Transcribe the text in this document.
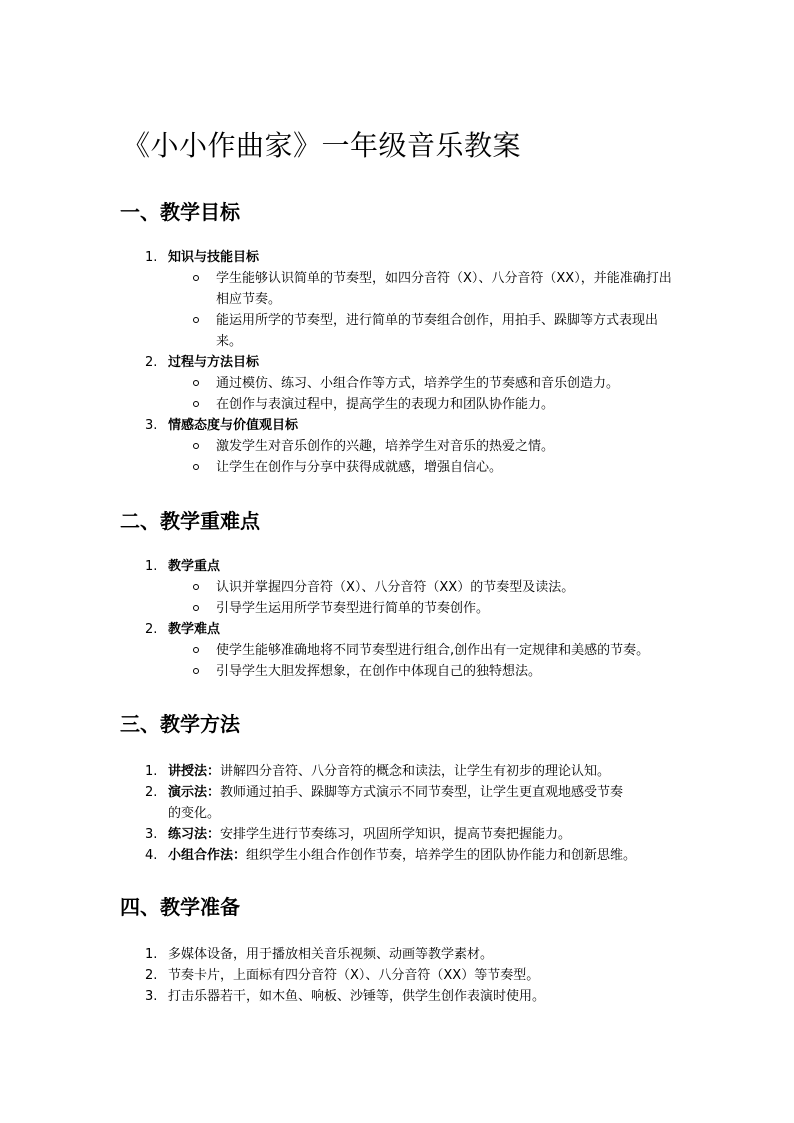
《小小作曲家》一年级音乐教案
一、教学目标
1. 知识与技能目标
学生能够认识简单的节奏型，如四分音符（X）、八分音符（XX），并能准确打出相应节奏。
能运用所学的节奏型，进行简单的节奏组合创作，用拍手、跺脚等方式表现出来。
2. 过程与方法目标
通过模仿、练习、小组合作等方式，培养学生的节奏感和音乐创造力。
在创作与表演过程中，提高学生的表现力和团队协作能力。
3. 情感态度与价值观目标
激发学生对音乐创作的兴趣，培养学生对音乐的热爱之情。
让学生在创作与分享中获得成就感，增强自信心。
二、教学重难点
1. 教学重点
认识并掌握四分音符（X）、八分音符（XX）的节奏型及读法。
引导学生运用所学节奏型进行简单的节奏创作。
2. 教学难点
使学生能够准确地将不同节奏型进行组合,创作出有一定规律和美感的节奏。
引导学生大胆发挥想象，在创作中体现自己的独特想法。
三、教学方法
1. 讲授法：讲解四分音符、八分音符的概念和读法，让学生有初步的理论认知。
2. 演示法：教师通过拍手、跺脚等方式演示不同节奏型，让学生更直观地感受节奏的变化。
3. 练习法：安排学生进行节奏练习，巩固所学知识，提高节奏把握能力。
4. 小组合作法：组织学生小组合作创作节奏，培养学生的团队协作能力和创新思维。
四、教学准备
1. 多媒体设备，用于播放相关音乐视频、动画等教学素材。
2. 节奏卡片，上面标有四分音符（X）、八分音符（XX）等节奏型。
3. 打击乐器若干，如木鱼、响板、沙锤等，供学生创作表演时使用。
